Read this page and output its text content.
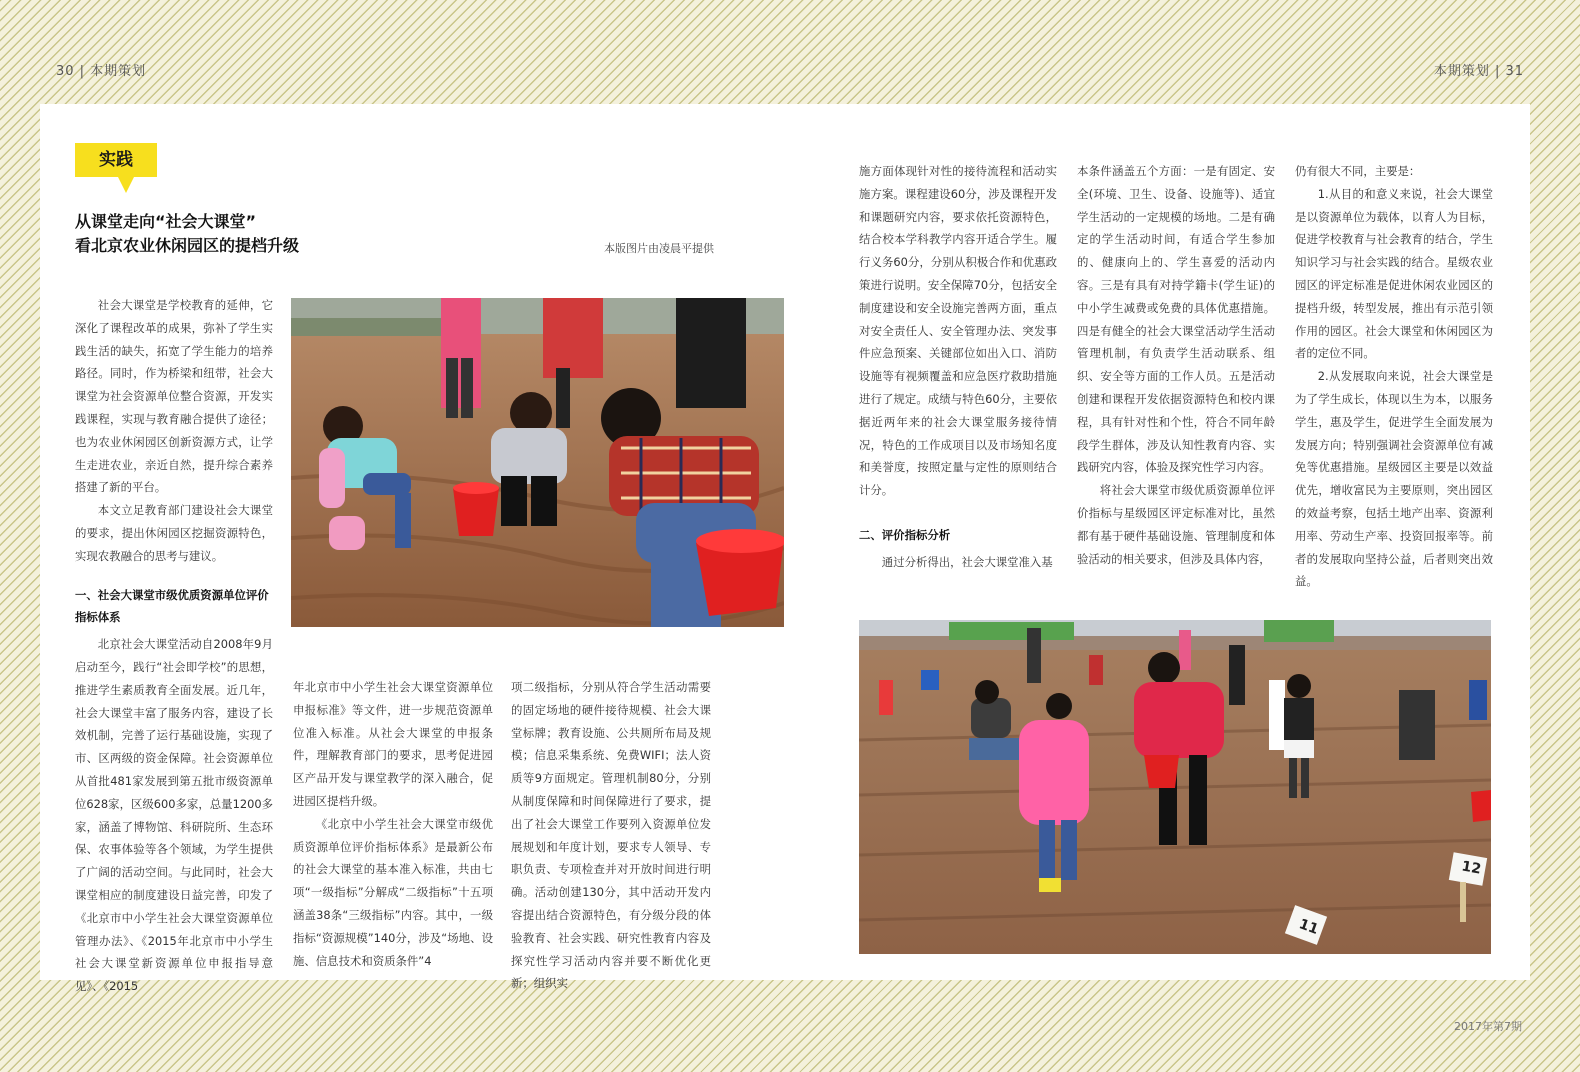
30 | 本期策划	本期策划 | 31
实践
从课堂走向“社会大课堂”
看北京农业休闲园区的提档升级	本版图片由凌晨平提供
12
11

社会大课堂是学校教育的延伸，它深化了课程改革的成果，弥补了学生实践生活的缺失，拓宽了学生能力的培养路径。同时，作为桥梁和纽带，社会大课堂为社会资源单位整合资源，开发实践课程，实现与教育融合提供了途径；也为农业休闲园区创新资源方式，让学生走进农业，亲近自然，提升综合素养搭建了新的平台。

本文立足教育部门建设社会大课堂的要求，提出休闲园区挖掘资源特色，实现农教融合的思考与建议。

一、社会大课堂市级优质资源单位评价指标体系

北京社会大课堂活动自2008年9月启动至今，践行“社会即学校”的思想，推进学生素质教育全面发展。近几年，社会大课堂丰富了服务内容，建设了长效机制，完善了运行基础设施，实现了市、区两级的资金保障。社会资源单位从首批481家发展到第五批市级资源单位628家，区级600多家，总量1200多家，涵盖了博物馆、科研院所、生态环保、农事体验等各个领域，为学生提供了广阔的活动空间。与此同时，社会大课堂相应的制度建设日益完善，印发了《北京市中小学生社会大课堂资源单位管理办法》、《2015年北京市中小学生社会大课堂新资源单位申报指导意见》、《2015

年北京市中小学生社会大课堂资源单位申报标准》等文件，进一步规范资源单位准入标准。从社会大课堂的申报条件，理解教育部门的要求，思考促进园区产品开发与课堂教学的深入融合，促进园区提档升级。

《北京中小学生社会大课堂市级优质资源单位评价指标体系》是最新公布的社会大课堂的基本准入标准，共由七项“一级指标”分解成“二级指标”十五项涵盖38条“三级指标”内容。其中，一级指标“资源规模”140分，涉及“场地、设施、信息技术和资质条件”4

项二级指标，分别从符合学生活动需要的固定场地的硬件接待规模、社会大课堂标牌；教育设施、公共厕所布局及规模；信息采集系统、免费WIFI；法人资质等9方面规定。管理机制80分，分别从制度保障和时间保障进行了要求，提出了社会大课堂工作要列入资源单位发展规划和年度计划，要求专人领导、专职负责、专项检查并对开放时间进行明确。活动创建130分，其中活动开发内容提出结合资源特色，有分级分段的体验教育、社会实践、研究性教育内容及探究性学习活动内容并要不断优化更新；组织实

施方面体现针对性的接待流程和活动实施方案。课程建设60分，涉及课程开发和课题研究内容，要求依托资源特色，结合校本学科教学内容开适合学生。履行义务60分，分别从积极合作和优惠政策进行说明。安全保障70分，包括安全制度建设和安全设施完善两方面，重点对安全责任人、安全管理办法、突发事件应急预案、关键部位如出入口、消防设施等有视频覆盖和应急医疗救助措施进行了规定。成绩与特色60分，主要依据近两年来的社会大课堂服务接待情况，特色的工作成项目以及市场知名度和美誉度，按照定量与定性的原则结合计分。

二、评价指标分析

通过分析得出，社会大课堂准入基

本条件涵盖五个方面：一是有固定、安全(环境、卫生、设备、设施等)、适宜学生活动的一定规模的场地。二是有确定的学生活动时间，有适合学生参加的、健康向上的、学生喜爱的活动内容。三是有具有对持学籍卡(学生证)的中小学生减费或免费的具体优惠措施。四是有健全的社会大课堂活动学生活动管理机制，有负责学生活动联系、组织、安全等方面的工作人员。五是活动创建和课程开发依据资源特色和校内课程，具有针对性和个性，符合不同年龄段学生群体，涉及认知性教育内容、实践研究内容，体验及探究性学习内容。

将社会大课堂市级优质资源单位评价指标与星级园区评定标准对比，虽然都有基于硬件基础设施、管理制度和体验活动的相关要求，但涉及具体内容，

仍有很大不同，主要是：

1.从目的和意义来说，社会大课堂是以资源单位为载体，以育人为目标，促进学校教育与社会教育的结合，学生知识学习与社会实践的结合。星级农业园区的评定标准是促进休闲农业园区的提档升级，转型发展，推出有示范引领作用的园区。社会大课堂和休闲园区为者的定位不同。

2.从发展取向来说，社会大课堂是为了学生成长，体现以生为本，以服务学生，惠及学生，促进学生全面发展为发展方向；特别强调社会资源单位有减免等优惠措施。星级园区主要是以效益优先，增收富民为主要原则，突出园区的效益考察，包括土地产出率、资源利用率、劳动生产率、投资回报率等。前者的发展取向坚持公益，后者则突出效益。

2017年第7期
